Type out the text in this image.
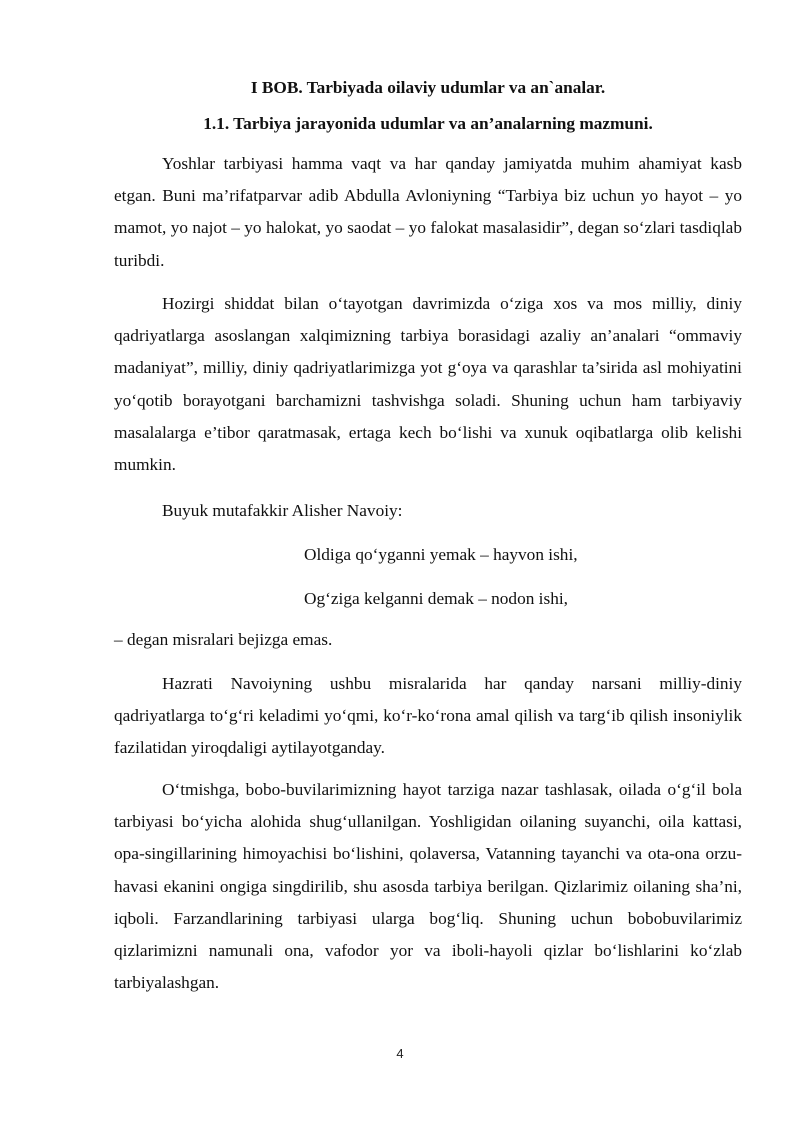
I BOB. Tarbiyada oilaviy udumlar va an`analar.
1.1. Tarbiya jarayonida udumlar va an’analarning mazmuni.

Yoshlar tarbiyasi hamma vaqt va har qanday jamiyatda muhim ahamiyat kasb etgan. Buni ma’rifatparvar adib Abdulla Avloniyning “Tarbiya biz uchun yo hayot – yo mamot, yo najot – yo halokat, yo saodat – yo falokat masalasidir”, degan so‘zlari tasdiqlab turibdi.

Hozirgi shiddat bilan o‘tayotgan davrimizda o‘ziga xos va mos milliy, diniy qadriyatlarga asoslangan xalqimizning tarbiya borasidagi azaliy an’analari “ommaviy madaniyat”, milliy, diniy qadriyatlarimizga yot g‘oya va qarashlar ta’sirida asl mohiyatini yo‘qotib borayotgani barchamizni tashvishga soladi. Shuning uchun ham tarbiyaviy masalalarga e’tibor qaratmasak, ertaga kech bo‘lishi va xunuk oqibatlarga olib kelishi mumkin.

Buyuk mutafakkir Alisher Navoiy:

Oldiga qo‘yganni yemak – hayvon ishi,
Og‘ziga kelganni demak – nodon ishi,

– degan misralari bejizga emas.

Hazrati Navoiyning ushbu misralarida har qanday narsani milliy-diniy qadriyatlarga to‘g‘ri keladimi yo‘qmi, ko‘r-ko‘rona amal qilish va targ‘ib qilish insoniylik fazilatidan yiroqdaligi aytilayotganday.

O‘tmishga, bobo-buvilarimizning hayot tarziga nazar tashlasak, oilada o‘g‘il bola tarbiyasi bo‘yicha alohida shug‘ullanilgan. Yoshligidan oilaning suyanchi, oila kattasi, opa-singillarining himoyachisi bo‘lishini, qolaversa, Vatanning tayanchi va ota-ona orzu-havasi ekanini ongiga singdirilib, shu asosda tarbiya berilgan. Qizlarimiz oilaning sha’ni, iqboli. Farzandlarining tarbiyasi ularga bog‘liq. Shuning uchun bobobuvilarimiz qizlarimizni namunali ona, vafodor yor va iboli-hayoli qizlar bo‘lishlarini ko‘zlab tarbiyalashgan.

4
